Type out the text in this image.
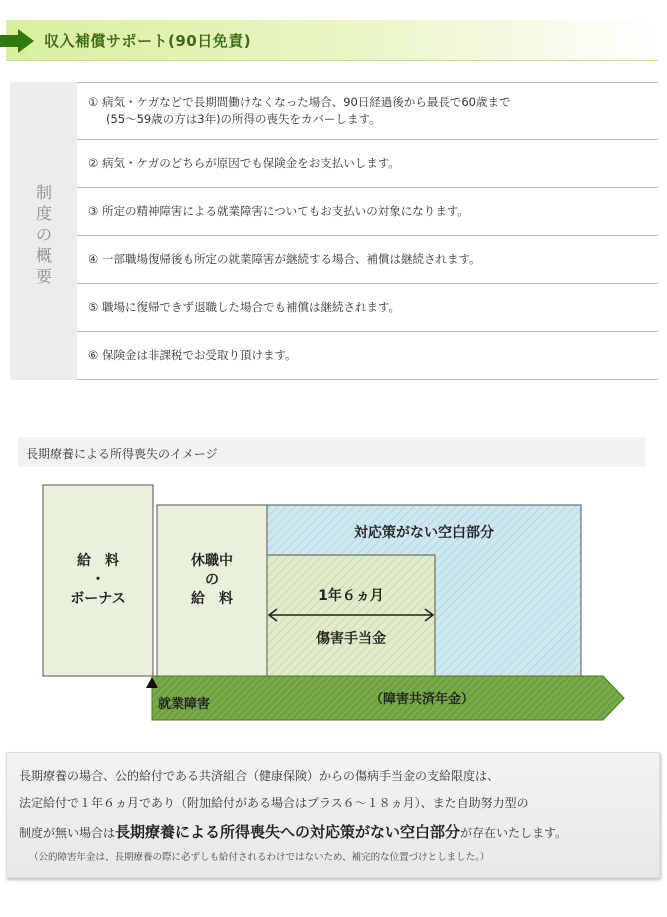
収入補償サポート(90日免責)
制度の概要
① 病気・ケガなどで長期間働けなくなった場合、90日経過後から最長で60歳まで
(55～59歳の方は3年)の所得の喪失をカバーします。
② 病気・ケガのどちらが原因でも保険金をお支払いします。
③ 所定の精神障害による就業障害についてもお支払いの対象になります。
④ 一部職場復帰後も所定の就業障害が継続する場合、補償は継続されます。
⑤ 職場に復帰できず退職した場合でも補償は継続されます。
⑥ 保険金は非課税でお受取り頂けます。
長期療養による所得喪失のイメージ
給　料
・
ボーナス
休職中
の
給　料
対応策がない空白部分
1年６ヵ月
傷害手当金
就業障害	（障害共済年金）
長期療養の場合、公的給付である共済組合（健康保険）からの傷病手当金の支給限度は、
法定給付で１年６ヵ月であり（附加給付がある場合はプラス６～１８ヵ月）、また自助努力型の
制度が無い場合は長期療養による所得喪失への対応策がない空白部分が存在いたします。
（公的障害年金は、長期療養の際に必ずしも給付されるわけではないため、補完的な位置づけとしました。）
